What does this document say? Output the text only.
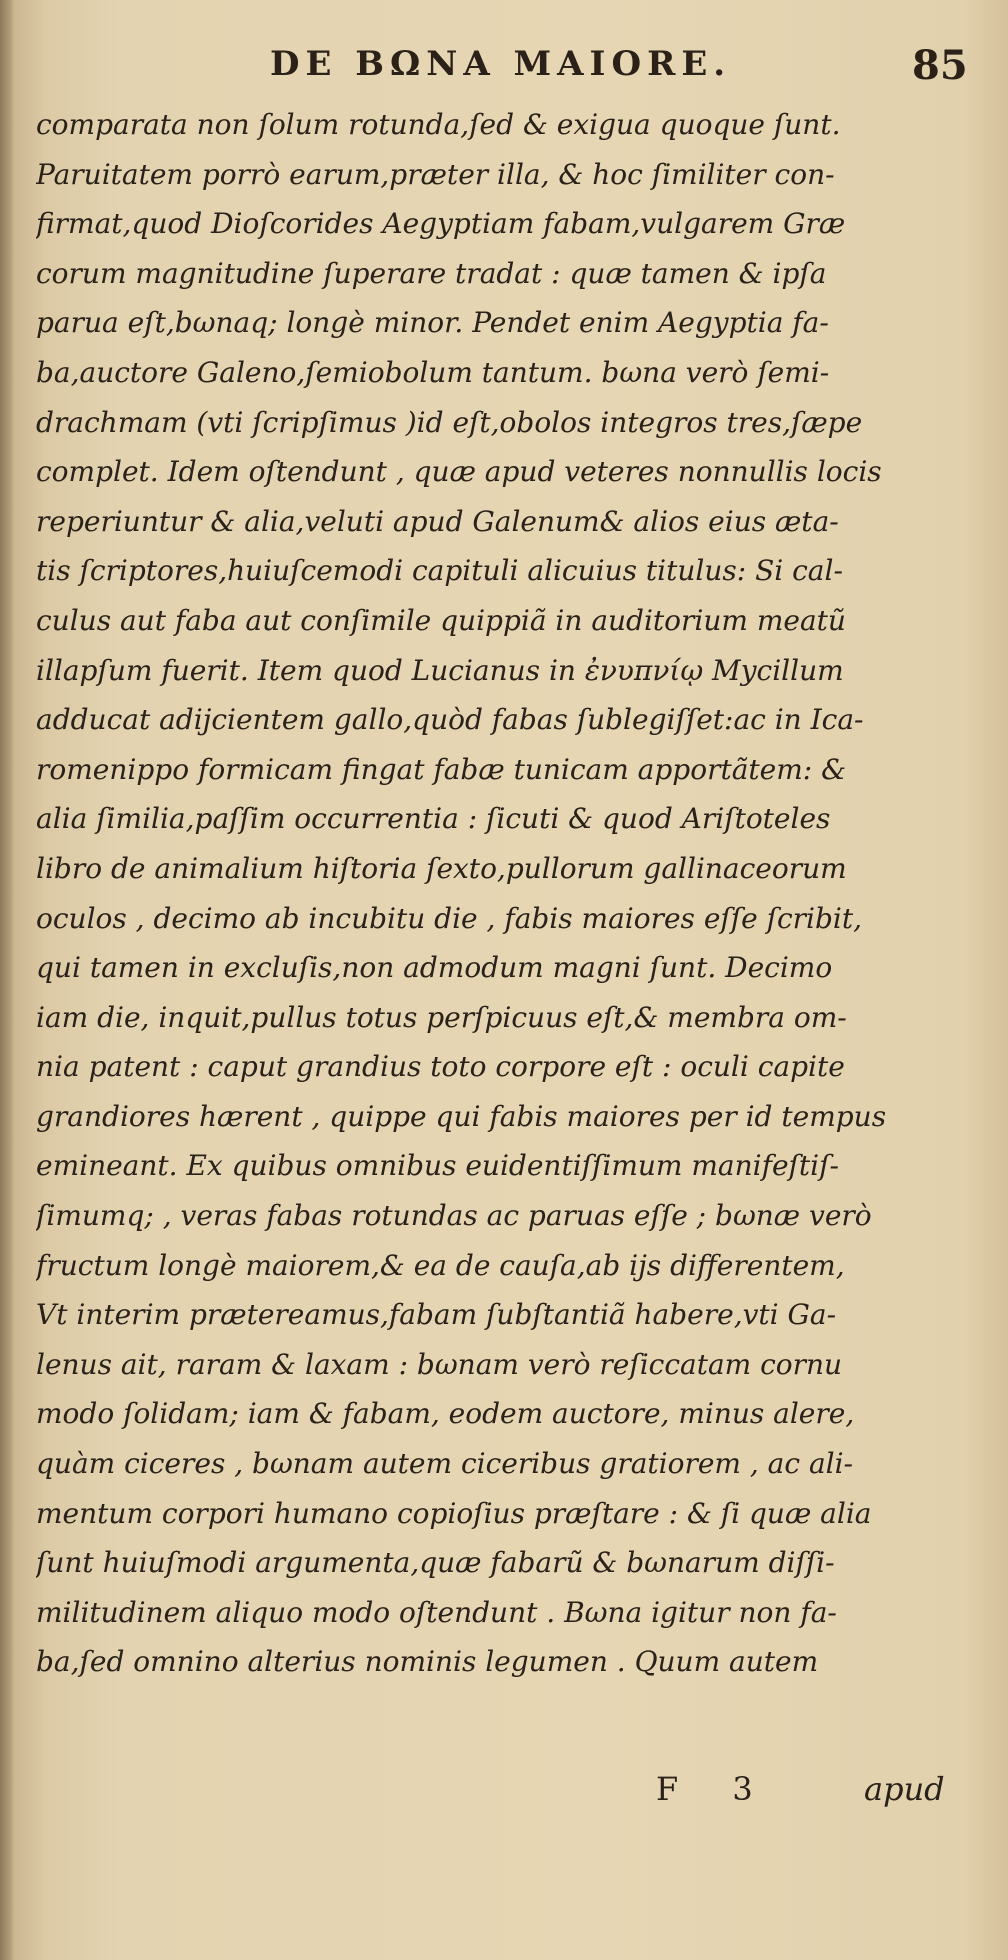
DE BΩNA MAIORE.	85
comparata non ſolum rotunda,ſed & exigua quoque ſunt.
Paruitatem porrò earum,præter illa, & hoc ſimiliter con-
firmat,quod Dioſcorides Aegyptiam fabam,vulgarem Græ
corum magnitudine ſuperare tradat : quæ tamen & ipſa
parua eſt,bωnaq; longè minor. Pendet enim Aegyptia fa-
ba,auctore Galeno,ſemiobolum tantum. bωna verò ſemi-
drachmam (vti ſcripſimus )id eſt,obolos integros tres,ſæpe
complet. Idem oſtendunt , quæ apud veteres nonnullis locis
reperiuntur & alia,veluti apud Galenum& alios eius æta-
tis ſcriptores,huiuſcemodi capituli alicuius titulus: Si cal-
culus aut faba aut conſimile quippiã in auditorium meatũ
illapſum fuerit. Item quod Lucianus in ἐνυπνίῳ Mycillum
adducat adijcientem gallo,quòd fabas ſublegiſſet:ac in Ica-
romenippo formicam fingat fabæ tunicam apportãtem: &
alia ſimilia,paſſim occurrentia : ſicuti & quod Ariſtoteles
libro de animalium hiſtoria ſexto,pullorum gallinaceorum
oculos , decimo ab incubitu die , fabis maiores eſſe ſcribit,
qui tamen in excluſis,non admodum magni ſunt. Decimo
iam die, inquit,pullus totus perſpicuus eſt,& membra om-
nia patent : caput grandius toto corpore eſt : oculi capite
grandiores hærent , quippe qui fabis maiores per id tempus
emineant. Ex quibus omnibus euidentiſſimum manifeſtiſ-
ſimumq; , veras fabas rotundas ac paruas eſſe ; bωnæ verò
fructum longè maiorem,& ea de cauſa,ab ijs differentem,
Vt interim prætereamus,fabam ſubſtantiã habere,vti Ga-
lenus ait, raram & laxam : bωnam verò reſiccatam cornu
modo ſolidam; iam & fabam, eodem auctore, minus alere,
quàm ciceres , bωnam autem ciceribus gratiorem , ac ali-
mentum corpori humano copioſius præſtare : & ſi quæ alia
ſunt huiuſmodi argumenta,quæ fabarũ & bωnarum diſſi-
militudinem aliquo modo oſtendunt . Bωna igitur non fa-
ba,ſed omnino alterius nominis legumen . Quum autem
F 3	apud
